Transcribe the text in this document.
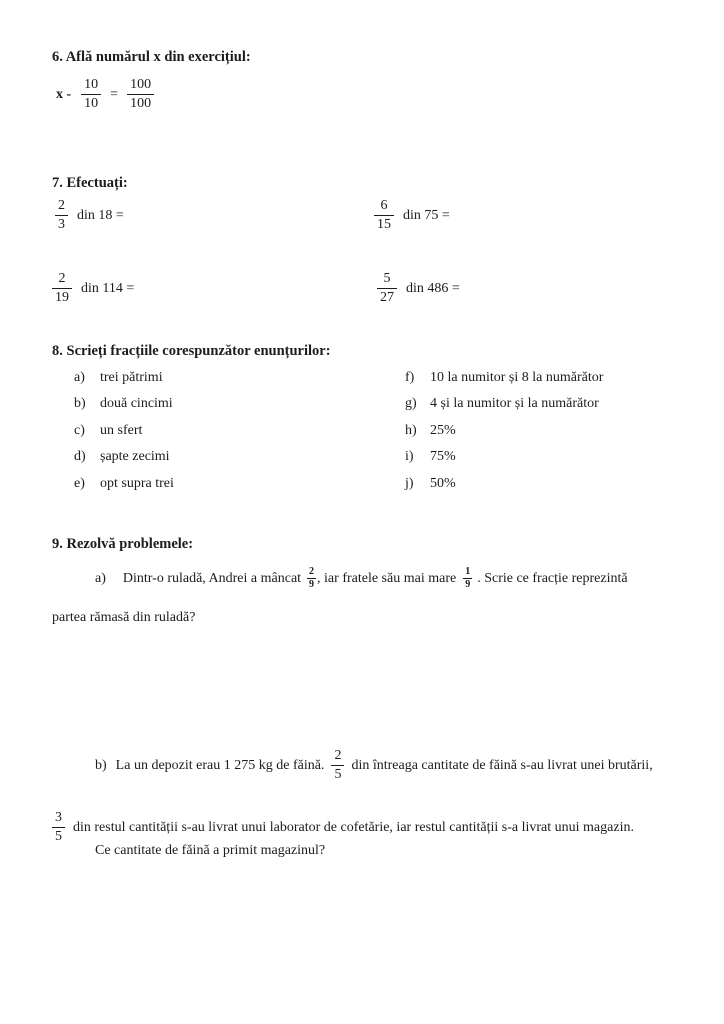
6. Află numărul x din exercițiul:
$x - \frac{10}{10} = \frac{100}{100}$
7. Efectuați:
$\frac{2}{3}$ din 18 =	$\frac{6}{15}$ din 75 =
$\frac{2}{19}$ din 114 =	$\frac{5}{27}$ din 486 =
8. Scrieți fracțiile corespunzător enunțurilor:
a) trei pătrimi
b) două cincimi
c) un sfert
d) șapte zecimi
e) opt supra trei
f) 10 la numitor și 8 la numărător
g) 4 și la numitor și la numărător
h) 25%
i) 75%
j) 50%
9. Rezolvă problemele:
a) Dintr-o ruladă, Andrei a mâncat $\frac{2}{9}$ , iar fratele său mai mare $\frac{1}{9}$ . Scrie ce fracție reprezintă
partea rămasă din ruladă?
b) La un depozit erau 1 275 kg de făină. $\frac{2}{5}$ din întreaga cantitate de făină s-au livrat unei brutării,
$\frac{3}{5}$ din restul cantității s-au livrat unui laborator de cofetărie, iar restul cantității s-a livrat unui magazin.
Ce cantitate de făină a primit magazinul?
